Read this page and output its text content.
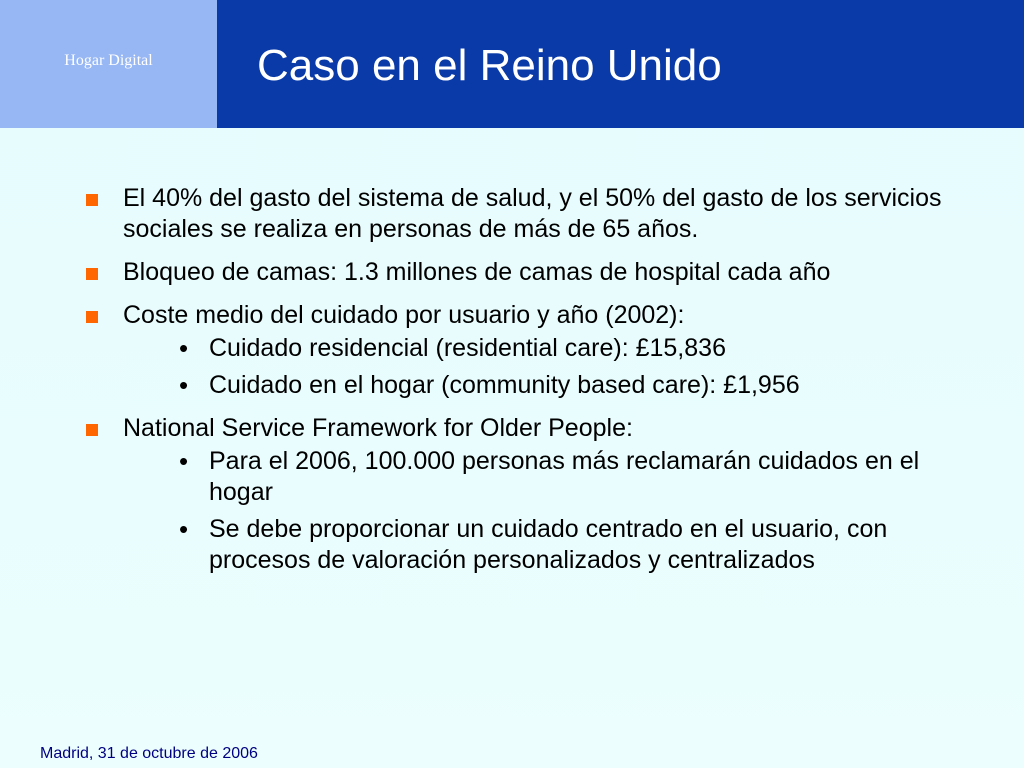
Hogar Digital	Caso en el Reino Unido
El 40% del gasto del sistema de salud, y el 50% del gasto de los servicios sociales se realiza en personas de más de 65 años.
Bloqueo de camas: 1.3 millones de camas de hospital cada año
Coste medio del cuidado por usuario y año (2002):
• Cuidado residencial (residential care): £15,836
• Cuidado en el hogar (community based care): £1,956
National Service Framework for Older People:
• Para el 2006, 100.000 personas más reclamarán cuidados en el hogar
• Se debe proporcionar un cuidado centrado en el usuario, con procesos de valoración personalizados y centralizados
Madrid, 31 de octubre de 2006
